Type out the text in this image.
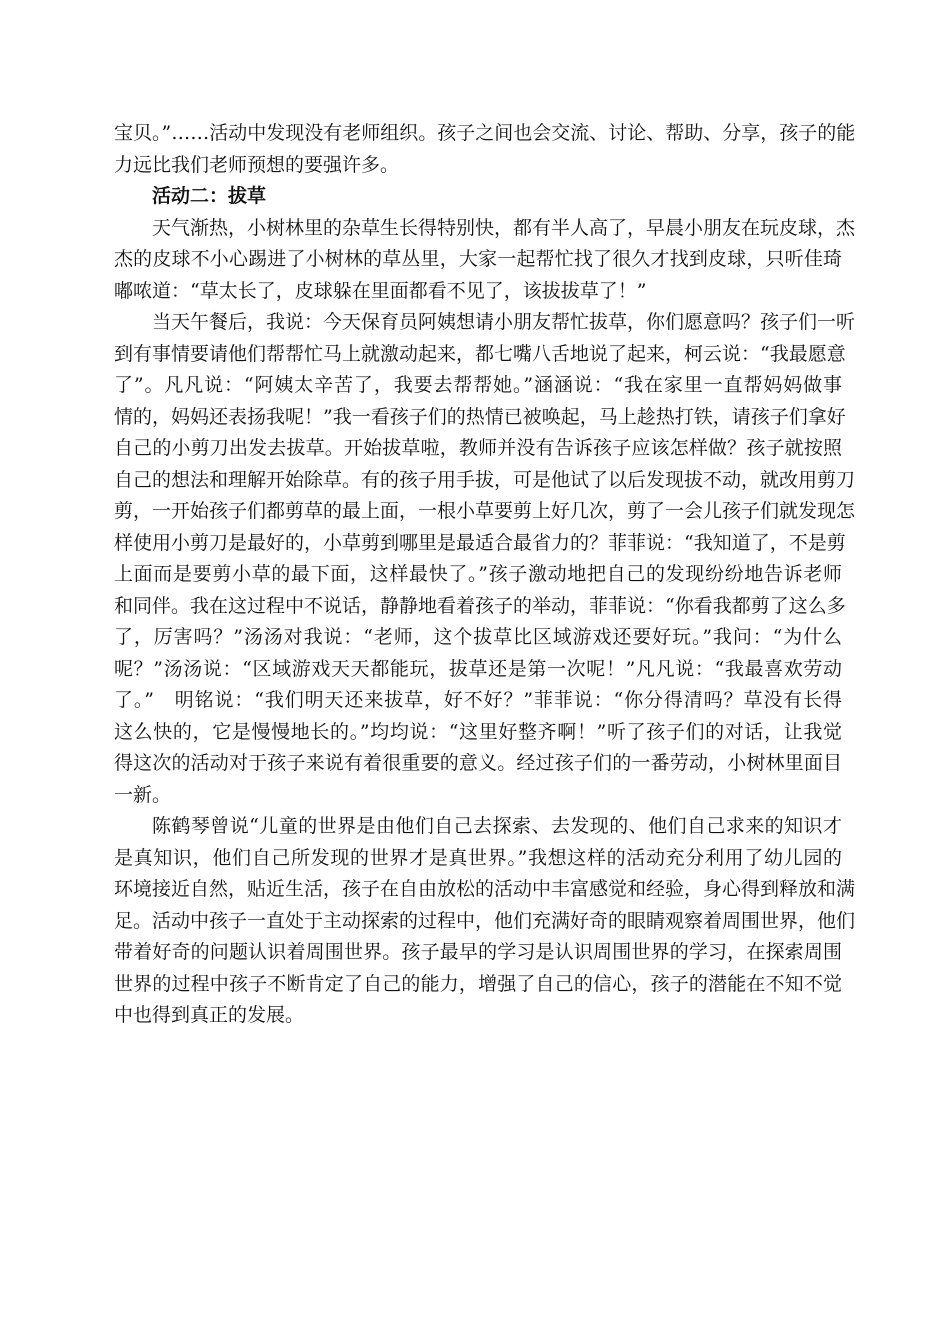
宝贝。”……活动中发现没有老师组织。孩子之间也会交流、讨论、帮助、分享，孩子的能
力远比我们老师预想的要强许多。
活动二：拔草
天气渐热，小树林里的杂草生长得特别快，都有半人高了，早晨小朋友在玩皮球，杰
杰的皮球不小心踢进了小树林的草丛里，大家一起帮忙找了很久才找到皮球，只听佳琦
嘟哝道：“草太长了，皮球躲在里面都看不见了，该拔拔草了！”
当天午餐后，我说：今天保育员阿姨想请小朋友帮忙拔草，你们愿意吗？孩子们一听
到有事情要请他们帮帮忙马上就激动起来，都七嘴八舌地说了起来，柯云说：“我最愿意
了”。凡凡说：“阿姨太辛苦了，我要去帮帮她。”涵涵说：“我在家里一直帮妈妈做事
情的，妈妈还表扬我呢！”我一看孩子们的热情已被唤起，马上趁热打铁，请孩子们拿好
自己的小剪刀出发去拔草。开始拔草啦，教师并没有告诉孩子应该怎样做？孩子就按照
自己的想法和理解开始除草。有的孩子用手拔，可是他试了以后发现拔不动，就改用剪刀
剪，一开始孩子们都剪草的最上面，一根小草要剪上好几次，剪了一会儿孩子们就发现怎
样使用小剪刀是最好的，小草剪到哪里是最适合最省力的？菲菲说：“我知道了，不是剪
上面而是要剪小草的最下面，这样最快了。”孩子激动地把自己的发现纷纷地告诉老师
和同伴。我在这过程中不说话，静静地看着孩子的举动，菲菲说：“你看我都剪了这么多
了，厉害吗？”汤汤对我说：“老师，这个拔草比区域游戏还要好玩。”我问：“为什么
呢？”汤汤说：“区域游戏天天都能玩，拔草还是第一次呢！”凡凡说：“我最喜欢劳动
了。”　明铭说：“我们明天还来拔草，好不好？”菲菲说：“你分得清吗？草没有长得
这么快的，它是慢慢地长的。”均均说：“这里好整齐啊！”听了孩子们的对话，让我觉
得这次的活动对于孩子来说有着很重要的意义。经过孩子们的一番劳动，小树林里面目
一新。
陈鹤琴曾说“儿童的世界是由他们自己去探索、去发现的、他们自己求来的知识才
是真知识，他们自己所发现的世界才是真世界。”我想这样的活动充分利用了幼儿园的
环境接近自然，贴近生活，孩子在自由放松的活动中丰富感觉和经验，身心得到释放和满
足。活动中孩子一直处于主动探索的过程中，他们充满好奇的眼睛观察着周围世界，他们
带着好奇的问题认识着周围世界。孩子最早的学习是认识周围世界的学习，在探索周围
世界的过程中孩子不断肯定了自己的能力，增强了自己的信心，孩子的潜能在不知不觉
中也得到真正的发展。
